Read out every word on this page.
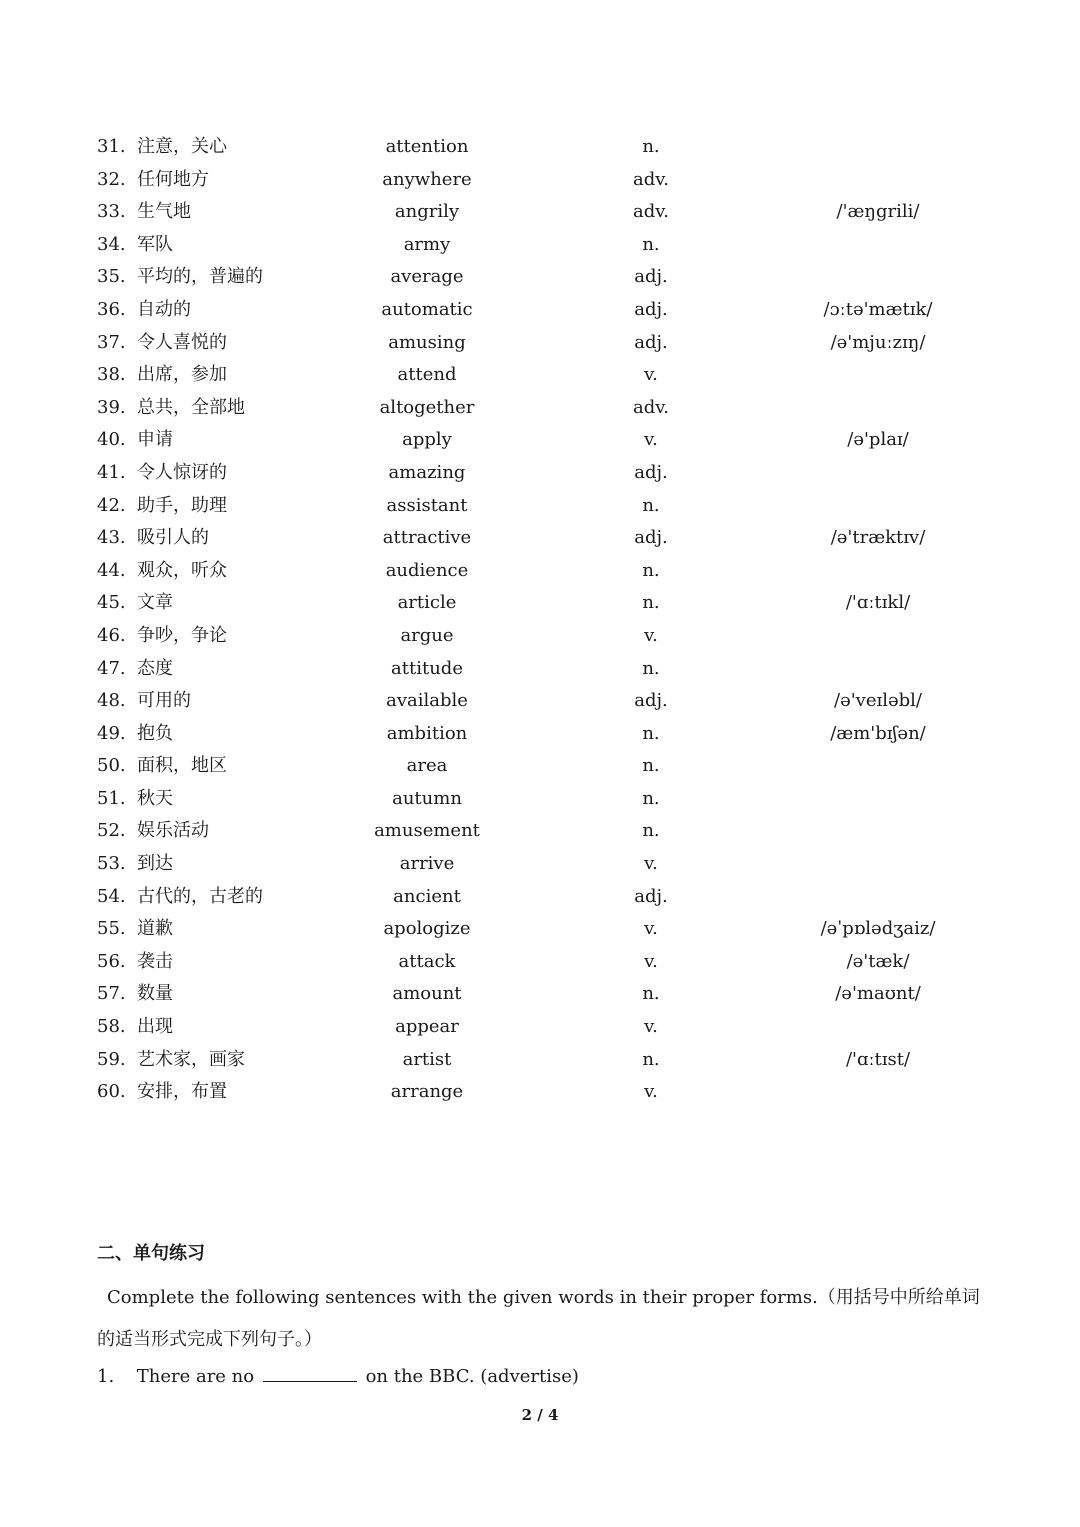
31. 注意，关心	attention	n.
32. 任何地方	anywhere	adv.
33. 生气地	angrily	adv.	/'æŋgrili/
34. 军队	army	n.
35. 平均的，普遍的	average	adj.
36. 自动的	automatic	adj.	/ɔːtə'mætɪk/
37. 令人喜悦的	amusing	adj.	/ə'mjuːzɪŋ/
38. 出席，参加	attend	v.
39. 总共，全部地	altogether	adv.
40. 申请	apply	v.	/ə'plaɪ/
41. 令人惊讶的	amazing	adj.
42. 助手，助理	assistant	n.
43. 吸引人的	attractive	adj.	/ə'træktɪv/
44. 观众，听众	audience	n.
45. 文章	article	n.	/'ɑːtɪkl/
46. 争吵，争论	argue	v.
47. 态度	attitude	n.
48. 可用的	available	adj.	/ə'veɪləbl/
49. 抱负	ambition	n.	/æm'bɪʃən/
50. 面积，地区	area	n.
51. 秋天	autumn	n.
52. 娱乐活动	amusement	n.
53. 到达	arrive	v.
54. 古代的，古老的	ancient	adj.
55. 道歉	apologize	v.	/əˈpɒlədʒaiz/
56. 袭击	attack	v.	/ə'tæk/
57. 数量	amount	n.	/ə'maʊnt/
58. 出现	appear	v.
59. 艺术家，画家	artist	n.	/'ɑːtɪst/
60. 安排，布置	arrange	v.
二、单句练习
Complete the following sentences with the given words in their proper forms.（用括号中所给单词的适当形式完成下列句子。）
1. There are no	on the BBC. (advertise)
2 / 4
